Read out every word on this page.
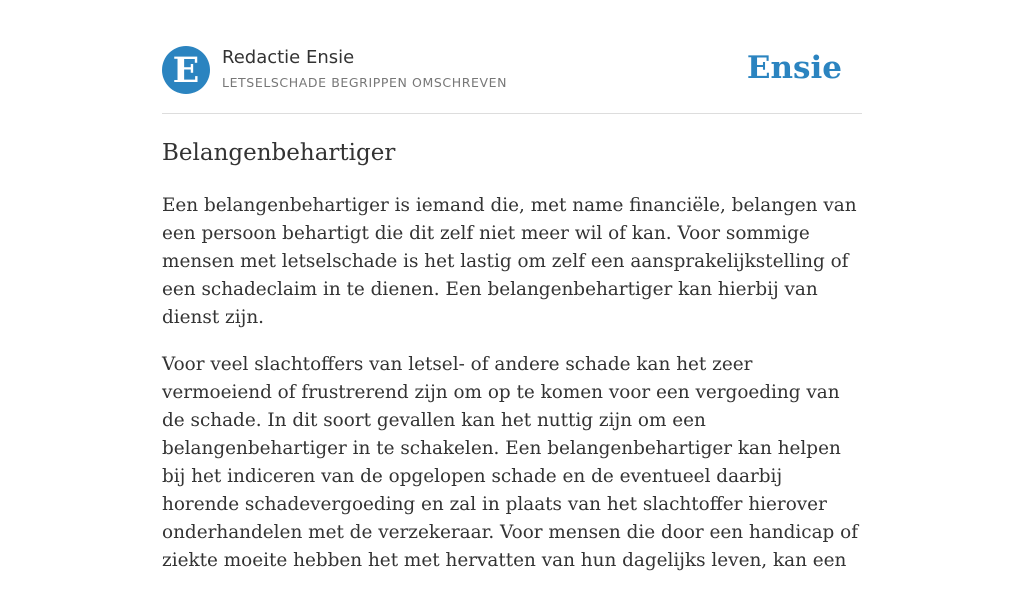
E Redactie Ensie
LETSELSCHADE BEGRIPPEN OMSCHREVEN	Ensie
Belangenbehartiger

Een belangenbehartiger is iemand die, met name financiële, belangen van een persoon behartigt die dit zelf niet meer wil of kan. Voor sommige mensen met letselschade is het lastig om zelf een aansprakelijkstelling of een schadeclaim in te dienen. Een belangenbehartiger kan hierbij van dienst zijn.

Voor veel slachtoffers van letsel- of andere schade kan het zeer vermoeiend of frustrerend zijn om op te komen voor een vergoeding van de schade. In dit soort gevallen kan het nuttig zijn om een belangenbehartiger in te schakelen. Een belangenbehartiger kan helpen bij het indiceren van de opgelopen schade en de eventueel daarbij horende schadevergoeding en zal in plaats van het slachtoffer hierover onderhandelen met de verzekeraar. Voor mensen die door een handicap of ziekte moeite hebben het met hervatten van hun dagelijks leven, kan een
